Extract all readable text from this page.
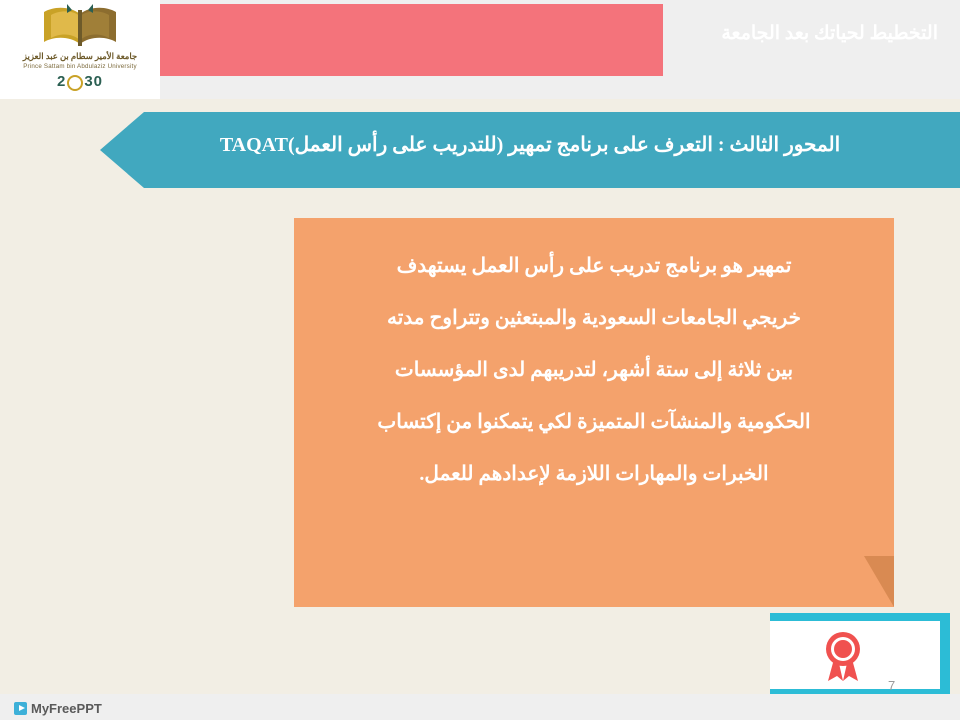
التخطيط لحياتك بعد الجامعة
جامعة الأمير سطام بن عبد العزيز
Prince Sattam bin Abdulaziz University
2 30
المحور الثالث : التعرف على برنامج تمهير (للتدريب على رأس العمل)TAQAT

تمهير هو برنامج تدريب على رأس العمل يستهدف

خريجي الجامعات السعودية والمبتعثين وتتراوح مدته

بين ثلاثة إلى ستة أشهر، لتدريبهم لدى المؤسسات

الحكومية والمنشآت المتميزة لكي يتمكنوا من إكتساب

الخبرات والمهارات اللازمة لإعدادهم للعمل.

7
MyFreePPT
